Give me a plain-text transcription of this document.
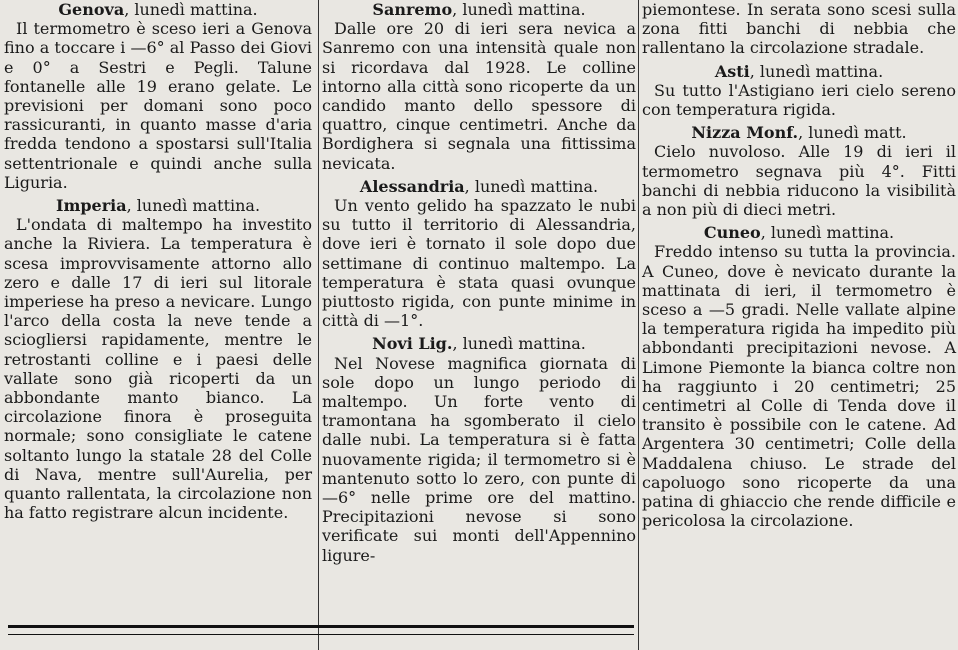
Genova, lunedì mattina.

Il termometro è sceso ieri a Genova fino a toccare i —6° al Passo dei Giovi e 0° a Sestri e Pegli. Talune fontanelle alle 19 erano gelate. Le previsioni per domani sono poco rassicuranti, in quanto masse d'aria fredda tendono a spostarsi sull'Italia settentrionale e quindi anche sulla Liguria.

Imperia, lunedì mattina.

L'ondata di maltempo ha investito anche la Riviera. La temperatura è scesa improvvisamente attorno allo zero e dalle 17 di ieri sul litorale imperiese ha preso a nevicare. Lungo l'arco della costa la neve tende a sciogliersi rapidamente, mentre le retrostanti colline e i paesi delle vallate sono già ricoperti da un abbondante manto bianco. La circolazione finora è proseguita normale; sono consigliate le catene soltanto lungo la statale 28 del Colle di Nava, mentre sull'Aurelia, per quanto rallentata, la circolazione non ha fatto registrare alcun incidente.

Sanremo, lunedì mattina.

Dalle ore 20 di ieri sera nevica a Sanremo con una intensità quale non si ricordava dal 1928. Le colline intorno alla città sono ricoperte da un candido manto dello spessore di quattro, cinque centimetri. Anche da Bordighera si segnala una fittissima nevicata.

Alessandria, lunedì mattina.

Un vento gelido ha spazzato le nubi su tutto il territorio di Alessandria, dove ieri è tornato il sole dopo due settimane di continuo maltempo. La temperatura è stata quasi ovunque piuttosto rigida, con punte minime in città di —1°.

Novi Lig., lunedì mattina.

Nel Novese magnifica giornata di sole dopo un lungo periodo di maltempo. Un forte vento di tramontana ha sgomberato il cielo dalle nubi. La temperatura si è fatta nuovamente rigida; il termometro si è mantenuto sotto lo zero, con punte di —6° nelle prime ore del mattino. Precipitazioni nevose si sono verificate sui monti dell'Appennino ligure-

piemontese. In serata sono scesi sulla zona fitti banchi di nebbia che rallentano la circolazione stradale.

Asti, lunedì mattina.

Su tutto l'Astigiano ieri cielo sereno con temperatura rigida.

Nizza Monf., lunedì matt.

Cielo nuvoloso. Alle 19 di ieri il termometro segnava più 4°. Fitti banchi di nebbia riducono la visibilità a non più di dieci metri.

Cuneo, lunedì mattina.

Freddo intenso su tutta la provincia. A Cuneo, dove è nevicato durante la mattinata di ieri, il termometro è sceso a —5 gradi. Nelle vallate alpine la temperatura rigida ha impedito più abbondanti precipitazioni nevose. A Limone Piemonte la bianca coltre non ha raggiunto i 20 centimetri; 25 centimetri al Colle di Tenda dove il transito è possibile con le catene. Ad Argentera 30 centimetri; Colle della Maddalena chiuso. Le strade del capoluogo sono ricoperte da una patina di ghiaccio che rende difficile e pericolosa la circolazione.
